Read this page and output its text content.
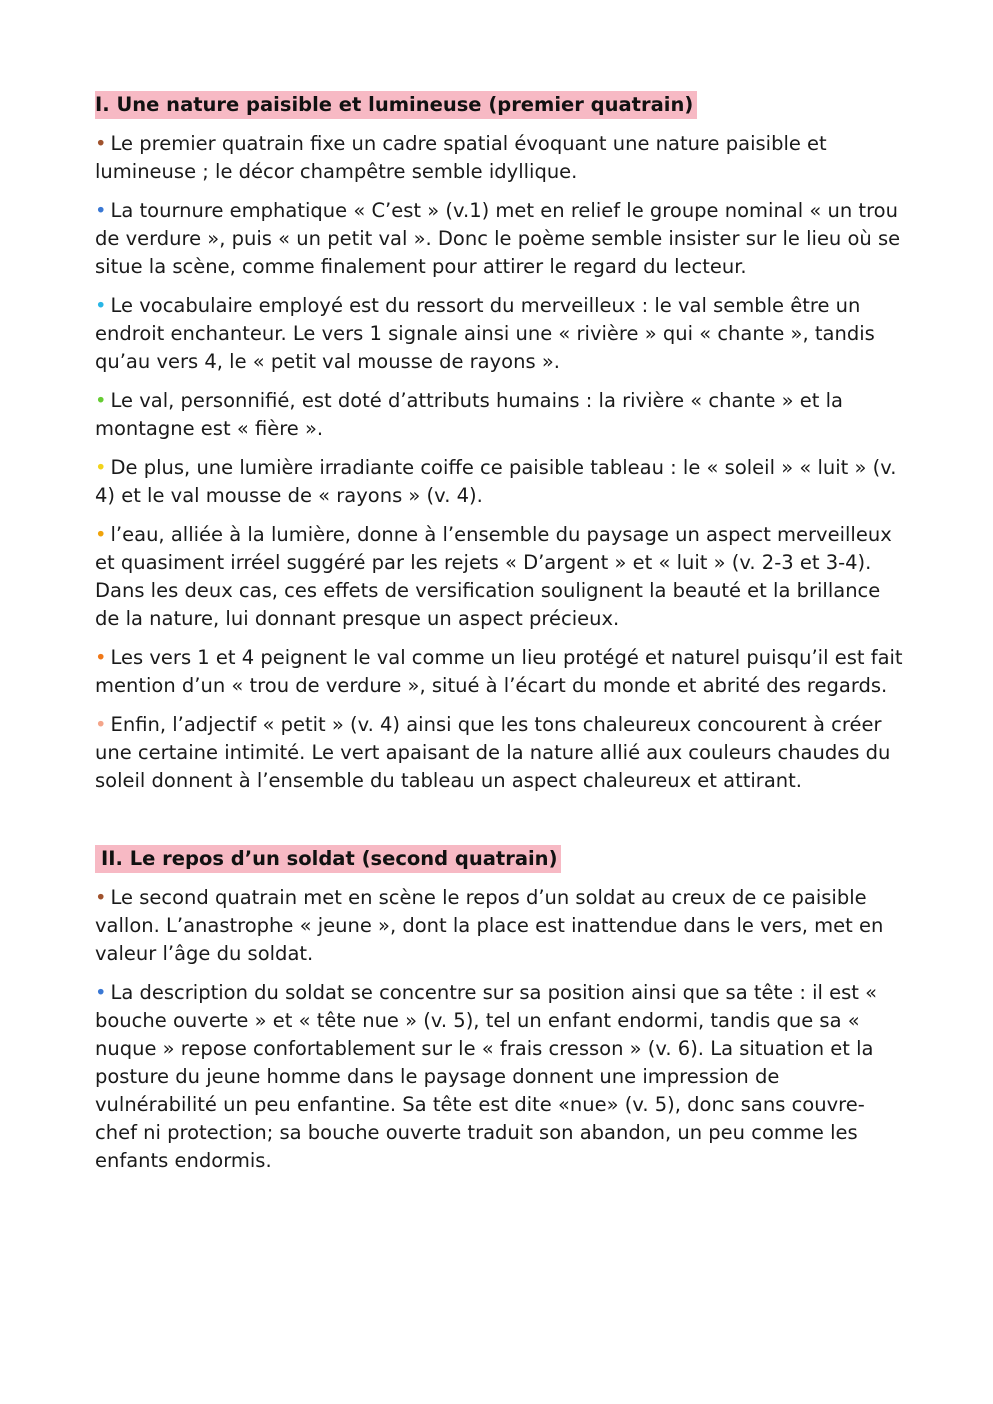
I. Une nature paisible et lumineuse (premier quatrain)

• Le premier quatrain fixe un cadre spatial évoquant une nature paisible et lumineuse ; le décor champêtre semble idyllique.

• La tournure emphatique « C’est » (v.1) met en relief le groupe nominal « un trou de verdure », puis « un petit val ». Donc le poème semble insister sur le lieu où se situe la scène, comme finalement pour attirer le regard du lecteur.

• Le vocabulaire employé est du ressort du merveilleux : le val semble être un endroit enchanteur. Le vers 1 signale ainsi une « rivière » qui « chante », tandis qu’au vers 4, le « petit val mousse de rayons ».

• Le val, personnifié, est doté d’attributs humains : la rivière « chante » et la montagne est « fière ».

• De plus, une lumière irradiante coiffe ce paisible tableau : le « soleil » « luit » (v. 4) et le val mousse de « rayons » (v. 4).

• l’eau, alliée à la lumière, donne à l’ensemble du paysage un aspect merveilleux et quasiment irréel suggéré par les rejets « D’argent » et « luit » (v. 2-3 et 3-4). Dans les deux cas, ces effets de versification soulignent la beauté et la brillance de la nature, lui donnant presque un aspect précieux.

• Les vers 1 et 4 peignent le val comme un lieu protégé et naturel puisqu’il est fait mention d’un « trou de verdure », situé à l’écart du monde et abrité des regards.

• Enfin, l’adjectif « petit » (v. 4) ainsi que les tons chaleureux concourent à créer une certaine intimité. Le vert apaisant de la nature allié aux couleurs chaudes du soleil donnent à l’ensemble du tableau un aspect chaleureux et attirant.

II. Le repos d’un soldat (second quatrain)

• Le second quatrain met en scène le repos d’un soldat au creux de ce paisible vallon. L’anastrophe « jeune », dont la place est inattendue dans le vers, met en valeur l’âge du soldat.

• La description du soldat se concentre sur sa position ainsi que sa tête : il est « bouche ouverte » et « tête nue » (v. 5), tel un enfant endormi, tandis que sa « nuque » repose confortablement sur le « frais cresson » (v. 6). La situation et la posture du jeune homme dans le paysage donnent une impression de vulnérabilité un peu enfantine. Sa tête est dite «nue» (v. 5), donc sans couvre-chef ni protection; sa bouche ouverte traduit son abandon, un peu comme les enfants endormis.
